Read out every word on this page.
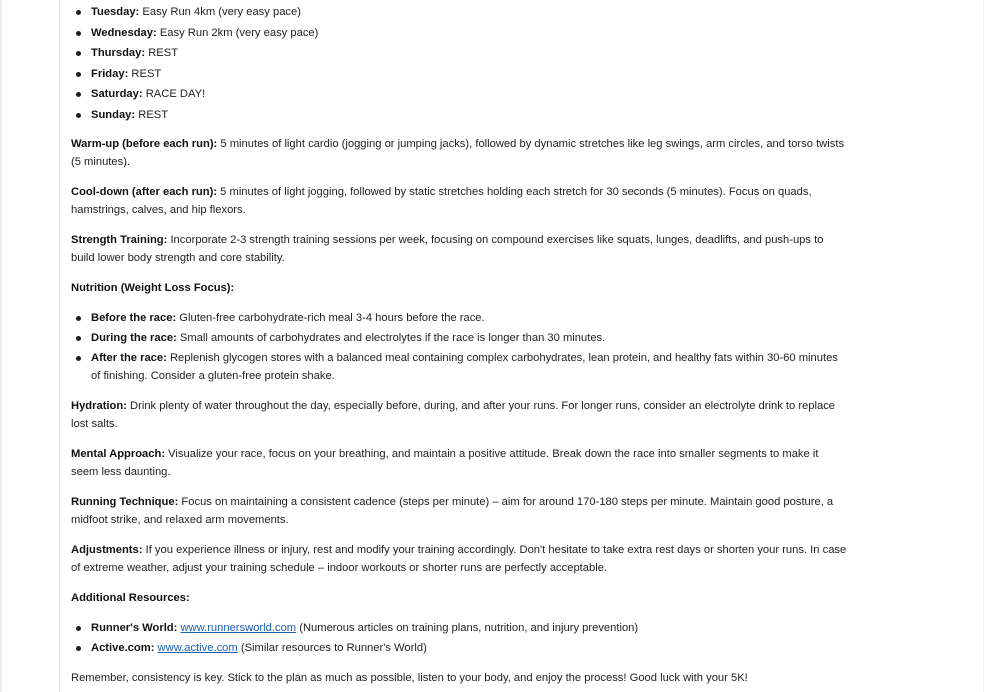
Tuesday: Easy Run 4km (very easy pace)
Wednesday: Easy Run 2km (very easy pace)
Thursday: REST
Friday: REST
Saturday: RACE DAY!
Sunday: REST

Warm-up (before each run): 5 minutes of light cardio (jogging or jumping jacks), followed by dynamic stretches like leg swings, arm circles, and torso twists (5 minutes).

Cool-down (after each run): 5 minutes of light jogging, followed by static stretches holding each stretch for 30 seconds (5 minutes). Focus on quads, hamstrings, calves, and hip flexors.

Strength Training: Incorporate 2-3 strength training sessions per week, focusing on compound exercises like squats, lunges, deadlifts, and push-ups to build lower body strength and core stability.

Nutrition (Weight Loss Focus):

Before the race: Gluten-free carbohydrate-rich meal 3-4 hours before the race.
During the race: Small amounts of carbohydrates and electrolytes if the race is longer than 30 minutes.
After the race: Replenish glycogen stores with a balanced meal containing complex carbohydrates, lean protein, and healthy fats within 30-60 minutes of finishing. Consider a gluten-free protein shake.

Hydration: Drink plenty of water throughout the day, especially before, during, and after your runs. For longer runs, consider an electrolyte drink to replace lost salts.

Mental Approach: Visualize your race, focus on your breathing, and maintain a positive attitude. Break down the race into smaller segments to make it seem less daunting.

Running Technique: Focus on maintaining a consistent cadence (steps per minute) – aim for around 170-180 steps per minute. Maintain good posture, a midfoot strike, and relaxed arm movements.

Adjustments: If you experience illness or injury, rest and modify your training accordingly. Don't hesitate to take extra rest days or shorten your runs. In case of extreme weather, adjust your training schedule – indoor workouts or shorter runs are perfectly acceptable.

Additional Resources:

Runner's World: www.runnersworld.com (Numerous articles on training plans, nutrition, and injury prevention)
Active.com: www.active.com (Similar resources to Runner's World)

Remember, consistency is key. Stick to the plan as much as possible, listen to your body, and enjoy the process! Good luck with your 5K!
